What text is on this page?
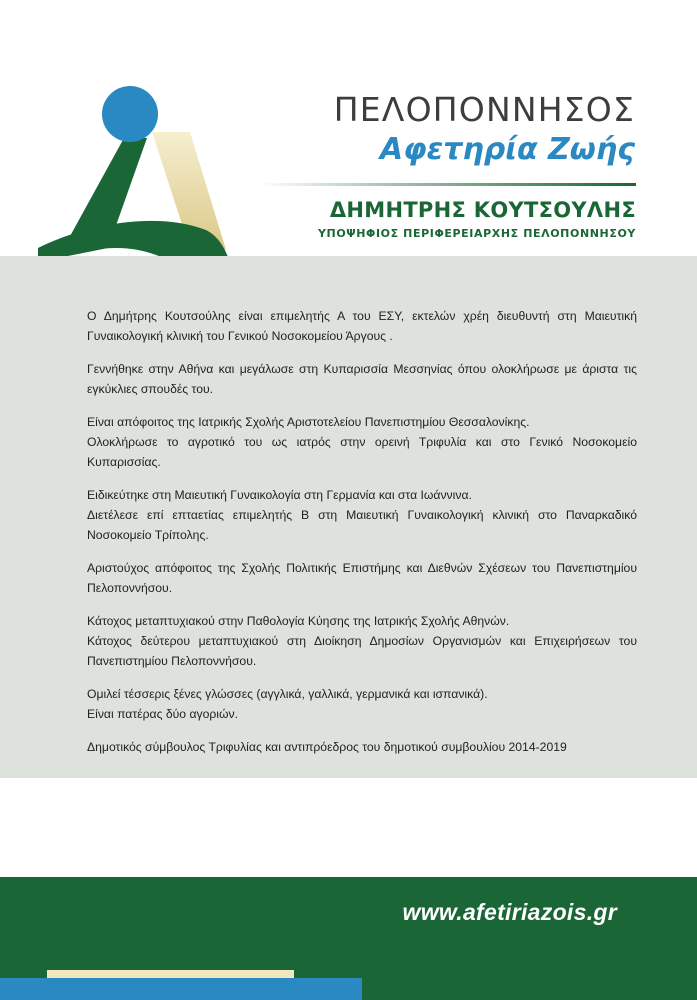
ΠΕΛΟΠΟΝΝΗΣΟΣ
Αφετηρία Ζωής
ΔΗΜΗΤΡΗΣ ΚΟΥΤΣΟΥΛΗΣ
ΥΠΟΨΗΦΙΟΣ ΠΕΡΙΦΕΡΕΙΑΡΧΗΣ ΠΕΛΟΠΟΝΝΗΣΟΥ

Ο Δημήτρης Κουτσούλης είναι επιμελητής Α του ΕΣΥ, εκτελών χρέη διευθυντή στη Μαιευτική Γυναικολογική κλινική του Γενικού Νοσοκομείου Άργους .

Γεννήθηκε στην Αθήνα και μεγάλωσε στη Κυπαρισσία Μεσσηνίας όπου ολοκλήρωσε με άριστα τις εγκύκλιες σπουδές του.

Είναι απόφοιτος της Ιατρικής Σχολής Αριστοτελείου Πανεπιστημίου Θεσσαλονίκης.
Ολοκλήρωσε το αγροτικό του ως ιατρός στην ορεινή Τριφυλία και στο Γενικό Νοσοκομείο Κυπαρισσίας.

Ειδικεύτηκε στη Μαιευτική Γυναικολογία στη Γερμανία και στα Ιωάννινα.
Διετέλεσε επί επταετίας επιμελητής Β στη Μαιευτική Γυναικολογική κλινική στο Παναρκαδικό Νοσοκομείο Τρίπολης.

Αριστούχος απόφοιτος της Σχολής Πολιτικής Επιστήμης και Διεθνών Σχέσεων του Πανεπιστημίου Πελοποννήσου.

Κάτοχος μεταπτυχιακού στην Παθολογία Κύησης της Ιατρικής Σχολής Αθηνών.
Κάτοχος δεύτερου μεταπτυχιακού στη Διοίκηση Δημοσίων Οργανισμών και Επιχειρήσεων του Πανεπιστημίου Πελοποννήσου.

Ομιλεί τέσσερις ξένες γλώσσες (αγγλικά, γαλλικά, γερμανικά και ισπανικά).
Είναι πατέρας δύο αγοριών.

Δημοτικός σύμβουλος Τριφυλίας και αντιπρόεδρος του δημοτικού συμβουλίου 2014-2019

www.afetiriazois.gr
